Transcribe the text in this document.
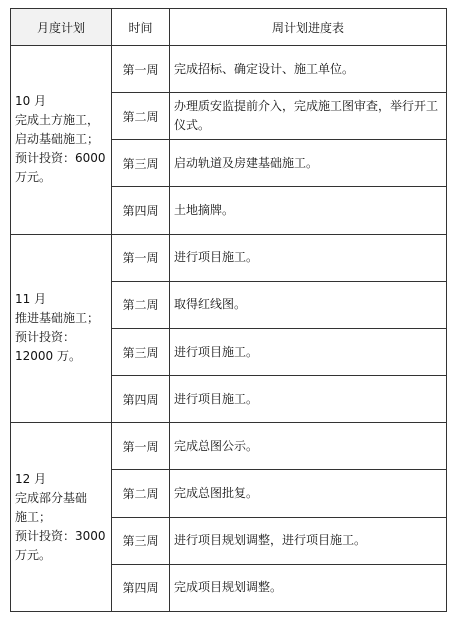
月度计划	时间	周计划进度表

10 月
完成土方施工，
启动基础施工；
预计投资：6000
万元。	第一周	完成招标、确定设计、施工单位。
	第二周	办理质安监提前介入，完成施工图审查，举行开工仪式。
	第三周	启动轨道及房建基础施工。
	第四周	土地摘牌。

11 月
推进基础施工；
预计投资：
12000 万。	第一周	进行项目施工。
	第二周	取得红线图。
	第三周	进行项目施工。
	第四周	进行项目施工。

12 月
完成部分基础
施工；
预计投资：3000
万元。	第一周	完成总图公示。
	第二周	完成总图批复。
	第三周	进行项目规划调整，进行项目施工。
	第四周	完成项目规划调整。
